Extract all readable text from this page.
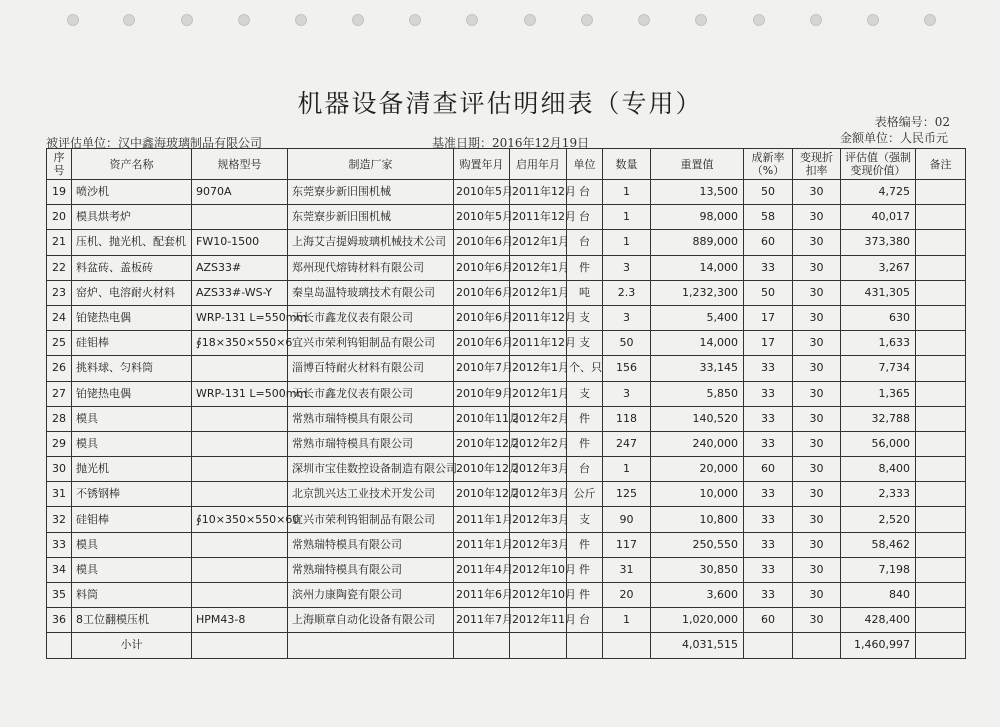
机器设备清查评估明细表（专用）
表格编号：02
被评估单位：汉中鑫海玻璃制品有限公司	基准日期：2016年12月19日	金额单位：人民币元
序号	资产名称	规格型号	制造厂家	购置年月	启用年月	单位	数量	重置值	成新率（%）	变现折扣率	评估值（强制变现价值）	备注
19	喷沙机	9070A	东莞寮步新旧围机械	2010年5月	2011年12月	台	1	13,500	50	30	4,725	
20	模具烘考炉		东莞寮步新旧围机械	2010年5月	2011年12月	台	1	98,000	58	30	40,017	
21	压机、抛光机、配套机	FW10-1500	上海艾吉提姆玻璃机械技术公司	2010年6月	2012年1月	台	1	889,000	60	30	373,380	
22	料盆砖、盖板砖	AZS33#	郑州现代熔铸材料有限公司	2010年6月	2012年1月	件	3	14,000	33	30	3,267	
23	窑炉、电溶耐火材料	AZS33#-WS-Y	秦皇岛温特玻璃技术有限公司	2010年6月	2012年1月	吨	2.3	1,232,300	50	30	431,305	
24	铂铑热电偶	WRP-131 L=550mm	天长市鑫龙仪表有限公司	2010年6月	2011年12月	支	3	5,400	17	30	630	
25	硅钼棒	∮18×350×550×6	宜兴市荣利钨钼制品有限公司	2010年6月	2011年12月	支	50	14,000	17	30	1,633	
26	挑料球、匀料筒		淄博百特耐火材料有限公司	2010年7月	2012年1月	个、只	156	33,145	33	30	7,734	
27	铂铑热电偶	WRP-131 L=500mm	天长市鑫龙仪表有限公司	2010年9月	2012年1月	支	3	5,850	33	30	1,365	
28	模具		常熟市瑞特模具有限公司	2010年11月	2012年2月	件	118	140,520	33	30	32,788	
29	模具		常熟市瑞特模具有限公司	2010年12月	2012年2月	件	247	240,000	33	30	56,000	
30	抛光机		深圳市宝佳数控设备制造有限公司	2010年12月	2012年3月	台	1	20,000	60	30	8,400	
31	不锈钢棒		北京凯兴达工业技术开发公司	2010年12月	2012年3月	公斤	125	10,000	33	30	2,333	
32	硅钼棒	∮10×350×550×60	宜兴市荣利钨钼制品有限公司	2011年1月	2012年3月	支	90	10,800	33	30	2,520	
33	模具		常熟瑞特模具有限公司	2011年1月	2012年3月	件	117	250,550	33	30	58,462	
34	模具		常熟瑞特模具有限公司	2011年4月	2012年10月	件	31	30,850	33	30	7,198	
35	料筒		滨州力康陶瓷有限公司	2011年6月	2012年10月	件	20	3,600	33	30	840	
36	8工位翻模压机	HPM43-8	上海顺章自动化设备有限公司	2011年7月	2012年11月	台	1	1,020,000	60	30	428,400	
	小计							4,031,515			1,460,997	
